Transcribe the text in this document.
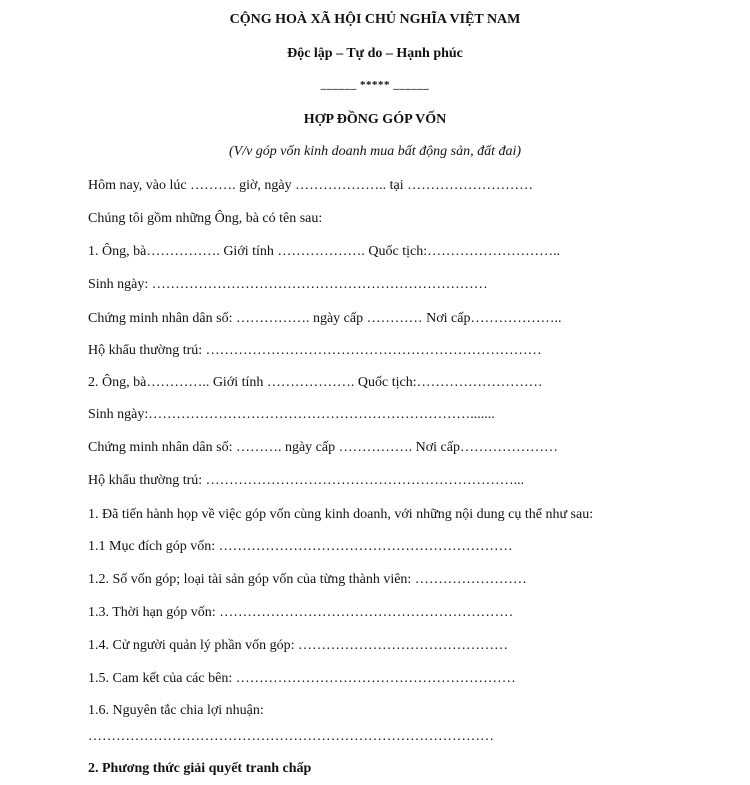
CỘNG HOÀ XÃ HỘI CHỦ NGHĨA VIỆT NAM
Độc lập – Tự do – Hạnh phúc
______ ***** ______
HỢP ĐỒNG GÓP VỐN
(V/v góp vốn kinh doanh mua bất động sản, đất đai)
Hôm nay, vào lúc ………. giờ, ngày ……………….. tại ………………………
Chúng tôi gồm những Ông, bà có tên sau:
1. Ông, bà……………. Giới tính ………………. Quốc tịch:………………………..
Sinh ngày: ………………………………………………………………
Chứng minh nhân dân số: ……………. ngày cấp ………… Nơi cấp………………..
Hộ khẩu thường trú: ………………………………………………………………
2. Ông, bà………….. Giới tính ………………. Quốc tịch:………………………
Sinh ngày:…………………………………………………………….......
Chứng minh nhân dân số: ………. ngày cấp ……………. Nơi cấp…………………
Hộ khẩu thường trú: …………………………………………………………...
1. Đã tiến hành họp về việc góp vốn cùng kinh doanh, với những nội dung cụ thể như sau:
1.1 Mục đích góp vốn: ………………………………………………………
1.2. Số vốn góp; loại tài sản góp vốn của từng thành viên: ……………………
1.3. Thời hạn góp vốn: ………………………………………………………
1.4. Cử người quản lý phần vốn góp: ………………………………………
1.5. Cam kết của các bên: ……………………………………………………
1.6. Nguyên tắc chia lợi nhuận:
……………………………………………………………………………
2. Phương thức giải quyết tranh chấp
